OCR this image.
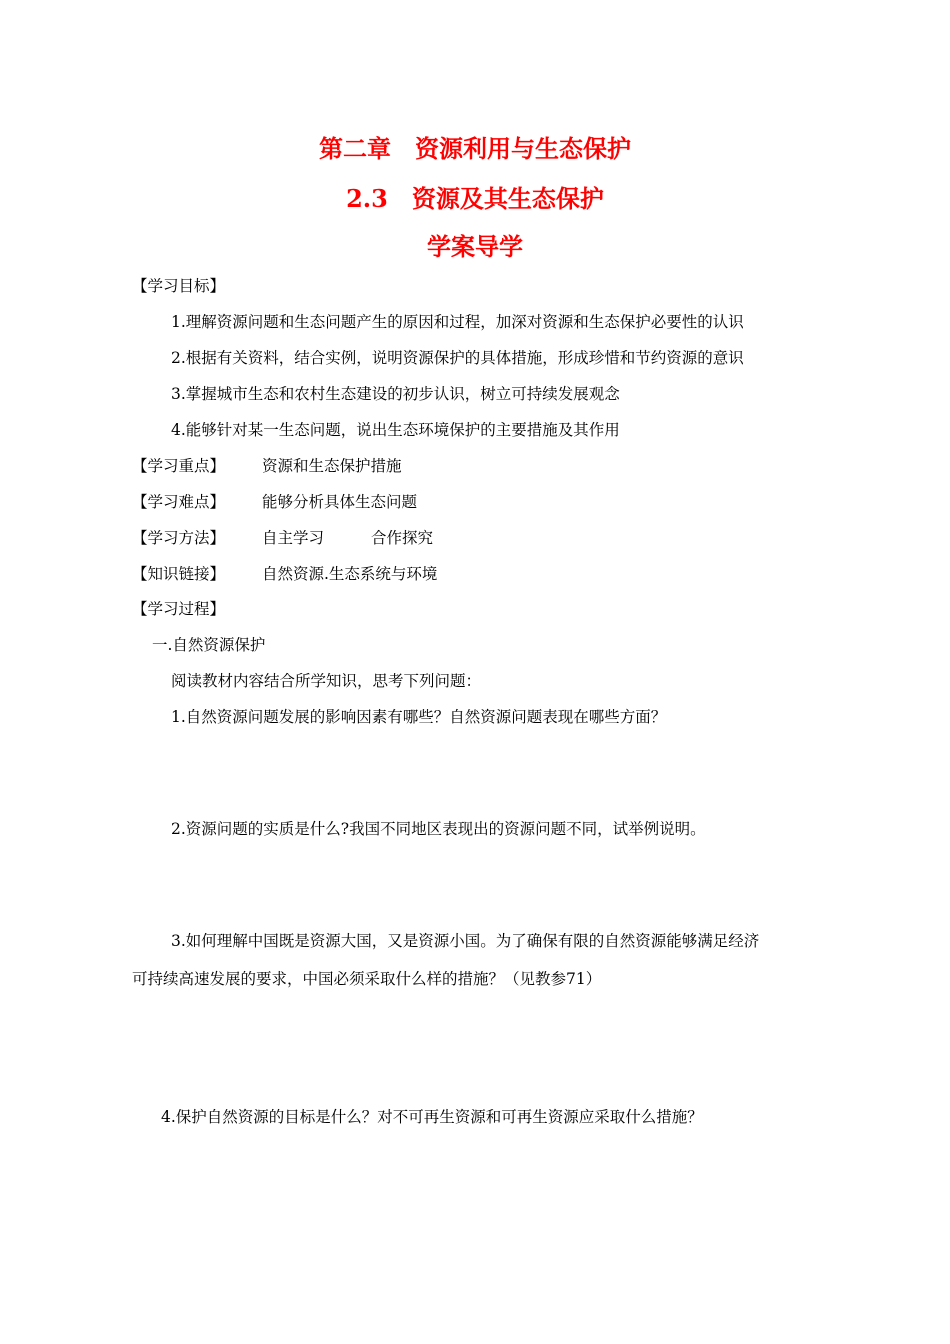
第二章　资源利用与生态保护
2.3　资源及其生态保护
学案导学
【学习目标】
1.理解资源问题和生态问题产生的原因和过程，加深对资源和生态保护必要性的认识
2.根据有关资料，结合实例，说明资源保护的具体措施，形成珍惜和节约资源的意识
3.掌握城市生态和农村生态建设的初步认识，树立可持续发展观念
4.能够针对某一生态问题，说出生态环境保护的主要措施及其作用
【学习重点】 资源和生态保护措施
【学习难点】 能够分析具体生态问题
【学习方法】 自主学习	合作探究
【知识链接】 自然资源.生态系统与环境
【学习过程】
一.自然资源保护
阅读教材内容结合所学知识，思考下列问题：
1.自然资源问题发展的影响因素有哪些？自然资源问题表现在哪些方面？
2.资源问题的实质是什么?我国不同地区表现出的资源问题不同，试举例说明。
3.如何理解中国既是资源大国，又是资源小国。为了确保有限的自然资源能够满足经济
可持续高速发展的要求，中国必须采取什么样的措施？（见教参71）
4.保护自然资源的目标是什么？对不可再生资源和可再生资源应采取什么措施？
